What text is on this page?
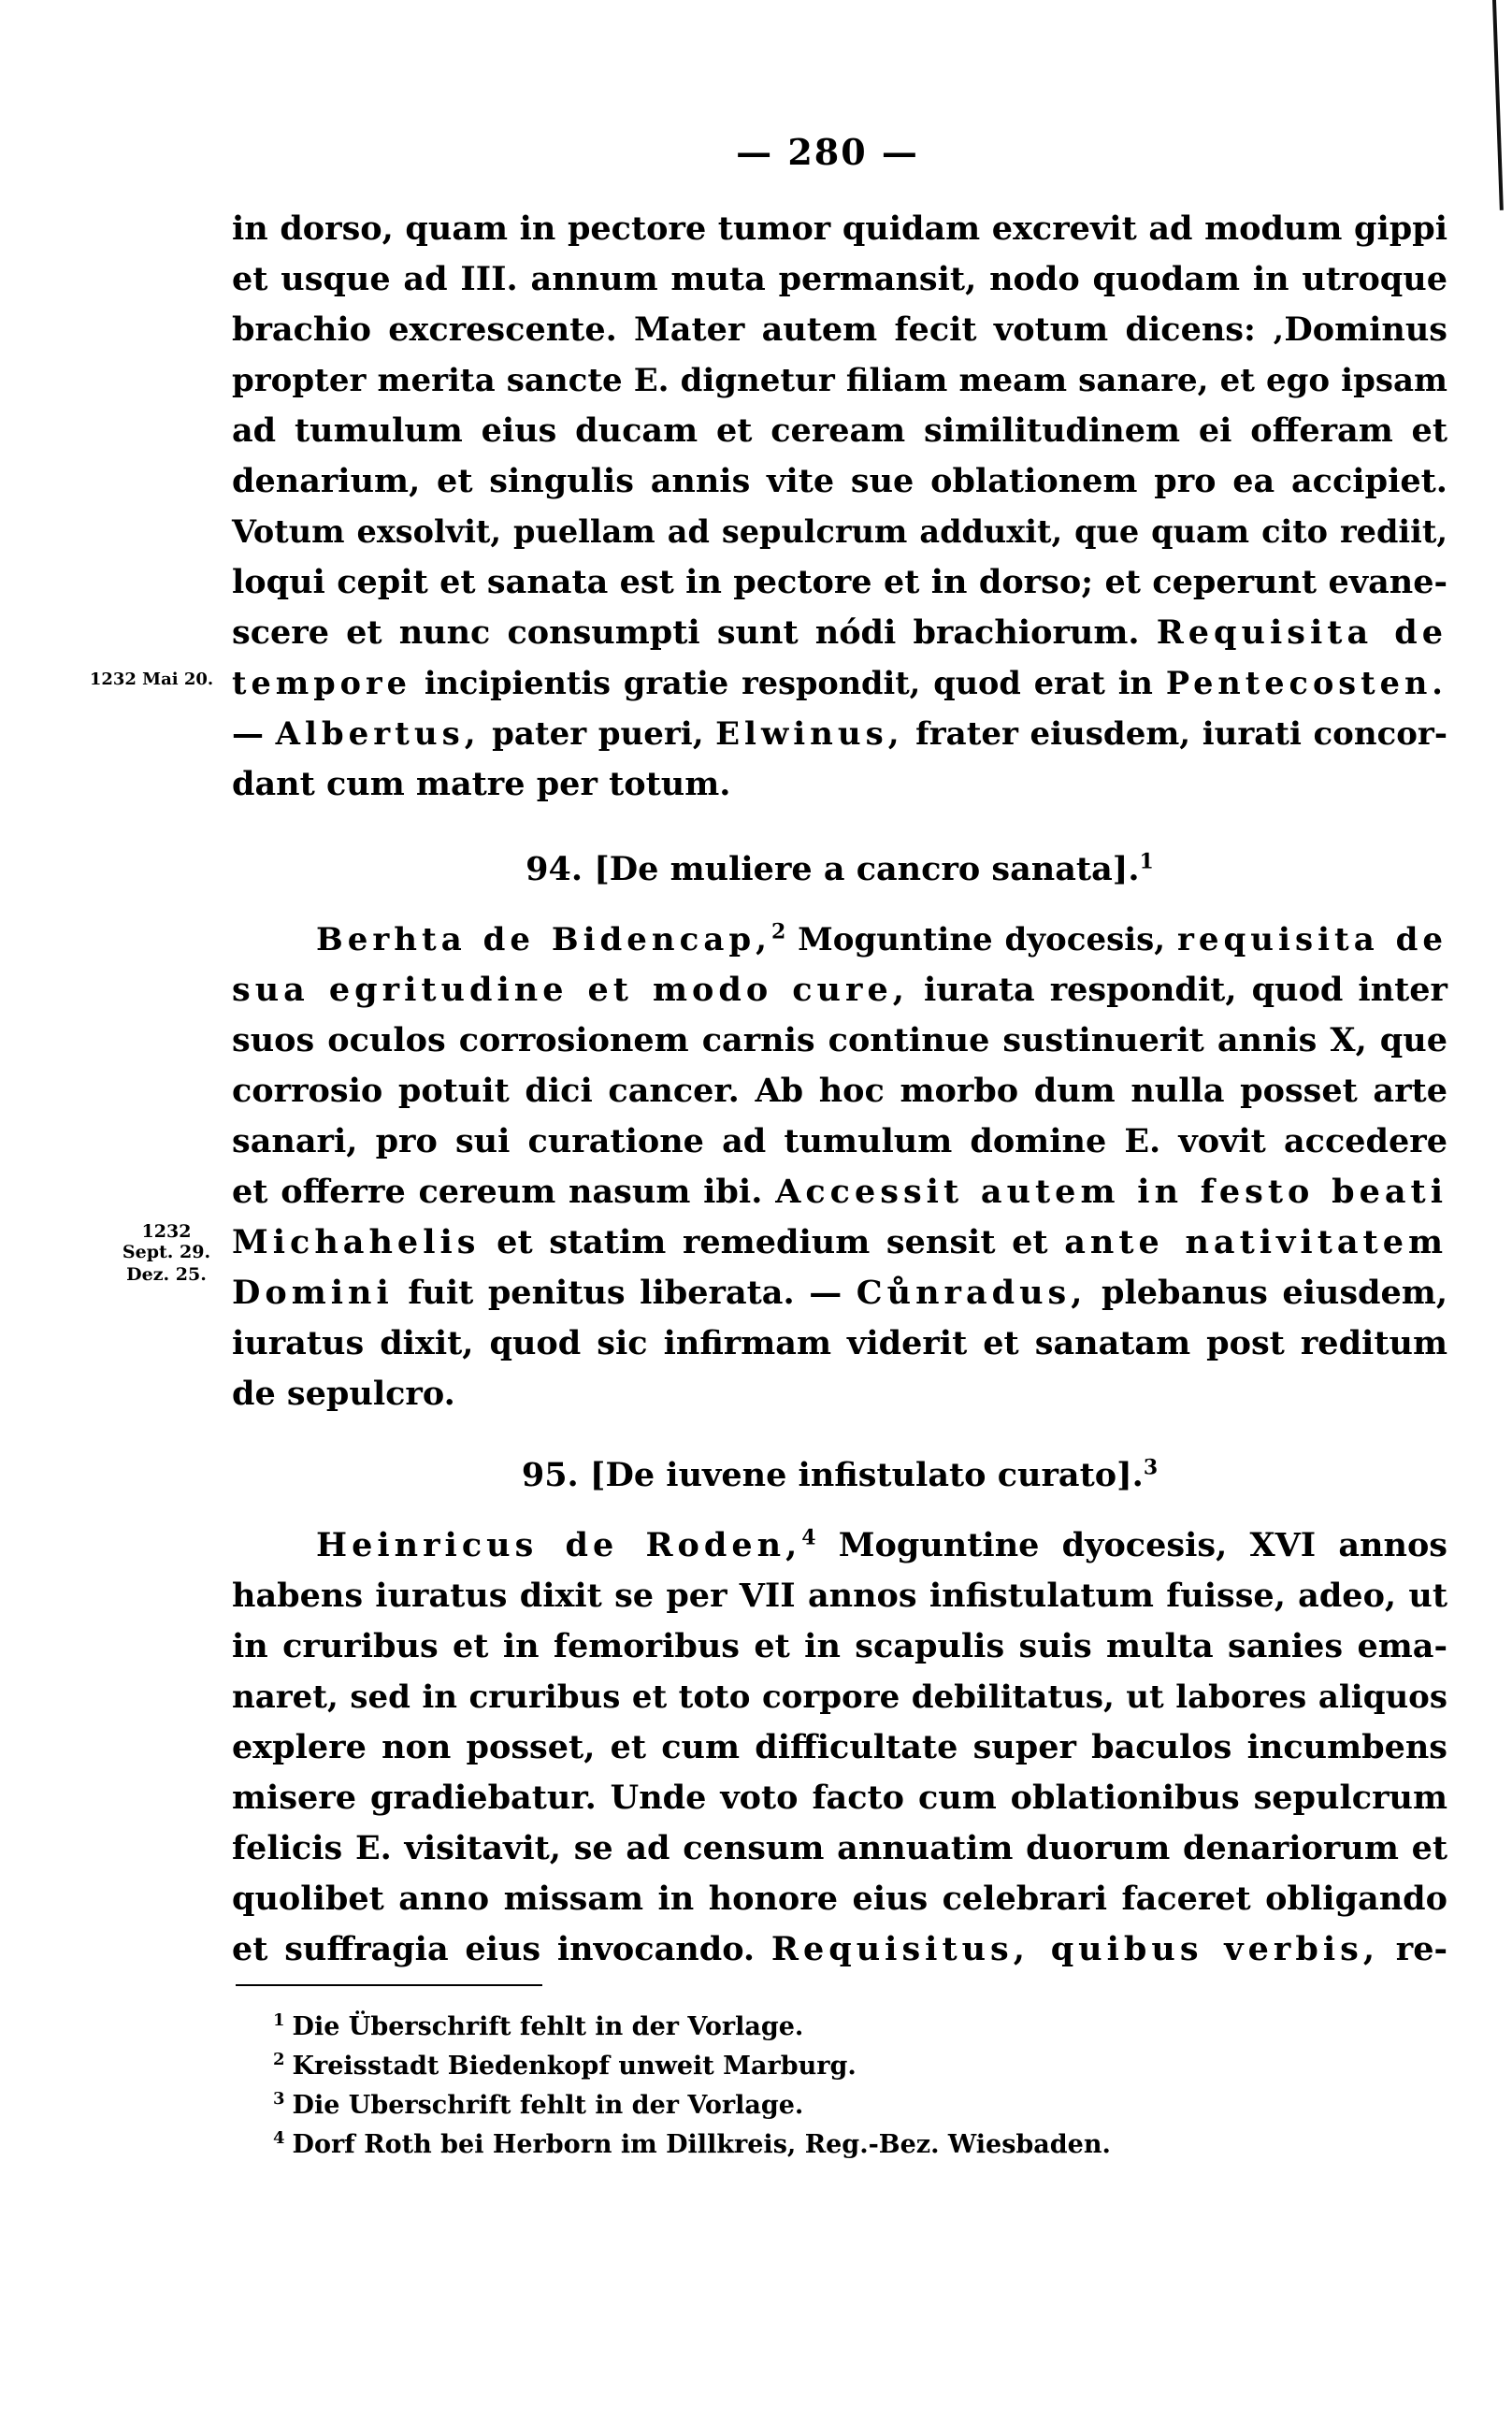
— 280 —
in dorso, quam in pectore tumor quidam excrevit ad modum gippi
et usque ad III. annum muta permansit, nodo quodam in utroque
brachio excrescente. Mater autem fecit votum dicens: ‚Dominus
propter merita sancte E. dignetur filiam meam sanare, et ego ipsam
ad tumulum eius ducam et ceream similitudinem ei offeram et
denarium, et singulis annis vite sue oblationem pro ea accipiet.
Votum exsolvit, puellam ad sepulcrum adduxit, que quam cito rediit,
loqui cepit et sanata est in pectore et in dorso; et ceperunt evane-
scere et nunc consumpti sunt nódi brachiorum. Requisita de
tempore incipientis gratie respondit, quod erat in Pentecosten.
— Albertus, pater pueri, Elwinus, frater eiusdem, iurati concor-
dant cum matre per totum.
1232 Mai 20.
94. [De muliere a cancro sanata].$^1$
Berhta de Bidencap,$^2$ Moguntine dyocesis, requisita de
sua egritudine et modo cure, iurata respondit, quod inter
suos oculos corrosionem carnis continue sustinuerit annis X, que
corrosio potuit dici cancer. Ab hoc morbo dum nulla posset arte
sanari, pro sui curatione ad tumulum domine E. vovit accedere
et offerre cereum nasum ibi. Accessit autem in festo beati
Michahelis et statim remedium sensit et ante nativitatem
Domini fuit penitus liberata. — Cůnradus, plebanus eiusdem,
iuratus dixit, quod sic infirmam viderit et sanatam post reditum
de sepulcro.
1232
Sept. 29.
Dez. 25.
95. [De iuvene infistulato curato].$^3$
Heinricus de Roden,$^4$ Moguntine dyocesis, XVI annos
habens iuratus dixit se per VII annos infistulatum fuisse, adeo, ut
in cruribus et in femoribus et in scapulis suis multa sanies ema-
naret, sed in cruribus et toto corpore debilitatus, ut labores aliquos
explere non posset, et cum difficultate super baculos incumbens
misere gradiebatur. Unde voto facto cum oblationibus sepulcrum
felicis E. visitavit, se ad censum annuatim duorum denariorum et
quolibet anno missam in honore eius celebrari faceret obligando
et suffragia eius invocando. Requisitus, quibus verbis, re-
$^1$ Die Überschrift fehlt in der Vorlage.
$^2$ Kreisstadt Biedenkopf unweit Marburg.
$^3$ Die Uberschrift fehlt in der Vorlage.
$^4$ Dorf Roth bei Herborn im Dillkreis, Reg.-Bez. Wiesbaden.
